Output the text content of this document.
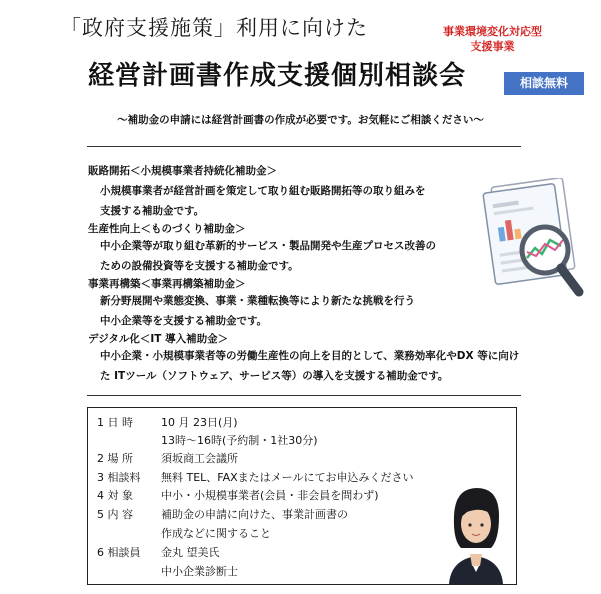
「政府支援施策」利用に向けた	事業環境変化対応型
支援事業
経営計画書作成支援個別相談会	相談無料
～補助金の申請には経営計画書の作成が必要です。お気軽にご相談ください～
販路開拓＜小規模事業者持続化補助金＞
小規模事業者が経営計画を策定して取り組む販路開拓等の取り組みを
支援する補助金です。
生産性向上＜ものづくり補助金＞
中小企業等が取り組む革新的サービス・製品開発や生産プロセス改善の
ための設備投資等を支援する補助金です。
事業再構築＜事業再構築補助金＞
新分野展開や業態変換、事業・業種転換等により新たな挑戦を行う
中小企業等を支援する補助金です。
デジタル化＜IT 導入補助金＞
中小企業・小規模事業者等の労働生産性の向上を目的として、業務効率化やDX 等に向け
た ITツール（ソフトウェア、サービス等）の導入を支援する補助金です。
1 日 時	10 月 23日(月)
13時～16時(予約制・1社30分)
2 場 所	須坂商工会議所
3 相談料 無料 TEL、FAXまたはメールにてお申込みください
4 対 象	中小・小規模事業者(会員・非会員を問わず)
5 内 容	補助金の申請に向けた、事業計画書の
作成などに関すること
6 相談員 金丸 望美氏
中小企業診断士
